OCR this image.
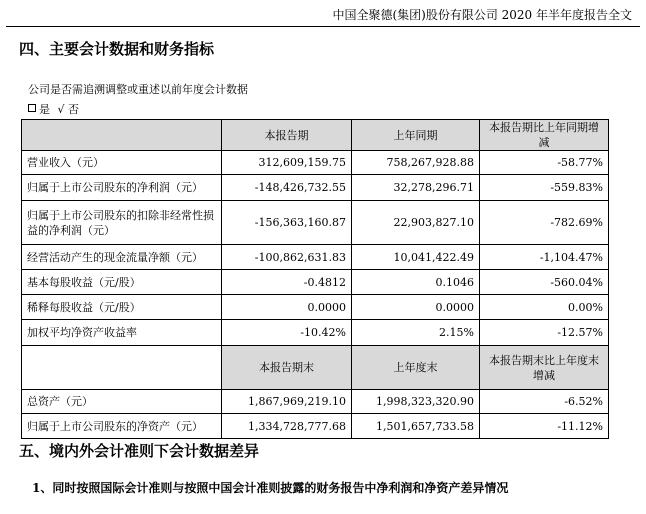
中国全聚德(集团)股份有限公司 2020 年半年度报告全文
四、主要会计数据和财务指标
公司是否需追溯调整或重述以前年度会计数据
是 √ 否
	本报告期	上年同期	本报告期比上年同期增减
营业收入（元）	312,609,159.75	758,267,928.88	-58.77%
归属于上市公司股东的净利润（元）	-148,426,732.55	32,278,296.71	-559.83%
归属于上市公司股东的扣除非经常性损益的净利润（元）	-156,363,160.87	22,903,827.10	-782.69%
经营活动产生的现金流量净额（元）	-100,862,631.83	10,041,422.49	-1,104.47%
基本每股收益（元/股）	-0.4812	0.1046	-560.04%
稀释每股收益（元/股）	0.0000	0.0000	0.00%
加权平均净资产收益率	-10.42%	2.15%	-12.57%
	本报告期末	上年度末	本报告期末比上年度末增减
总资产（元）	1,867,969,219.10	1,998,323,320.90	-6.52%
归属于上市公司股东的净资产（元）	1,334,728,777.68	1,501,657,733.58	-11.12%
五、境内外会计准则下会计数据差异
1、同时按照国际会计准则与按照中国会计准则披露的财务报告中净利润和净资产差异情况
